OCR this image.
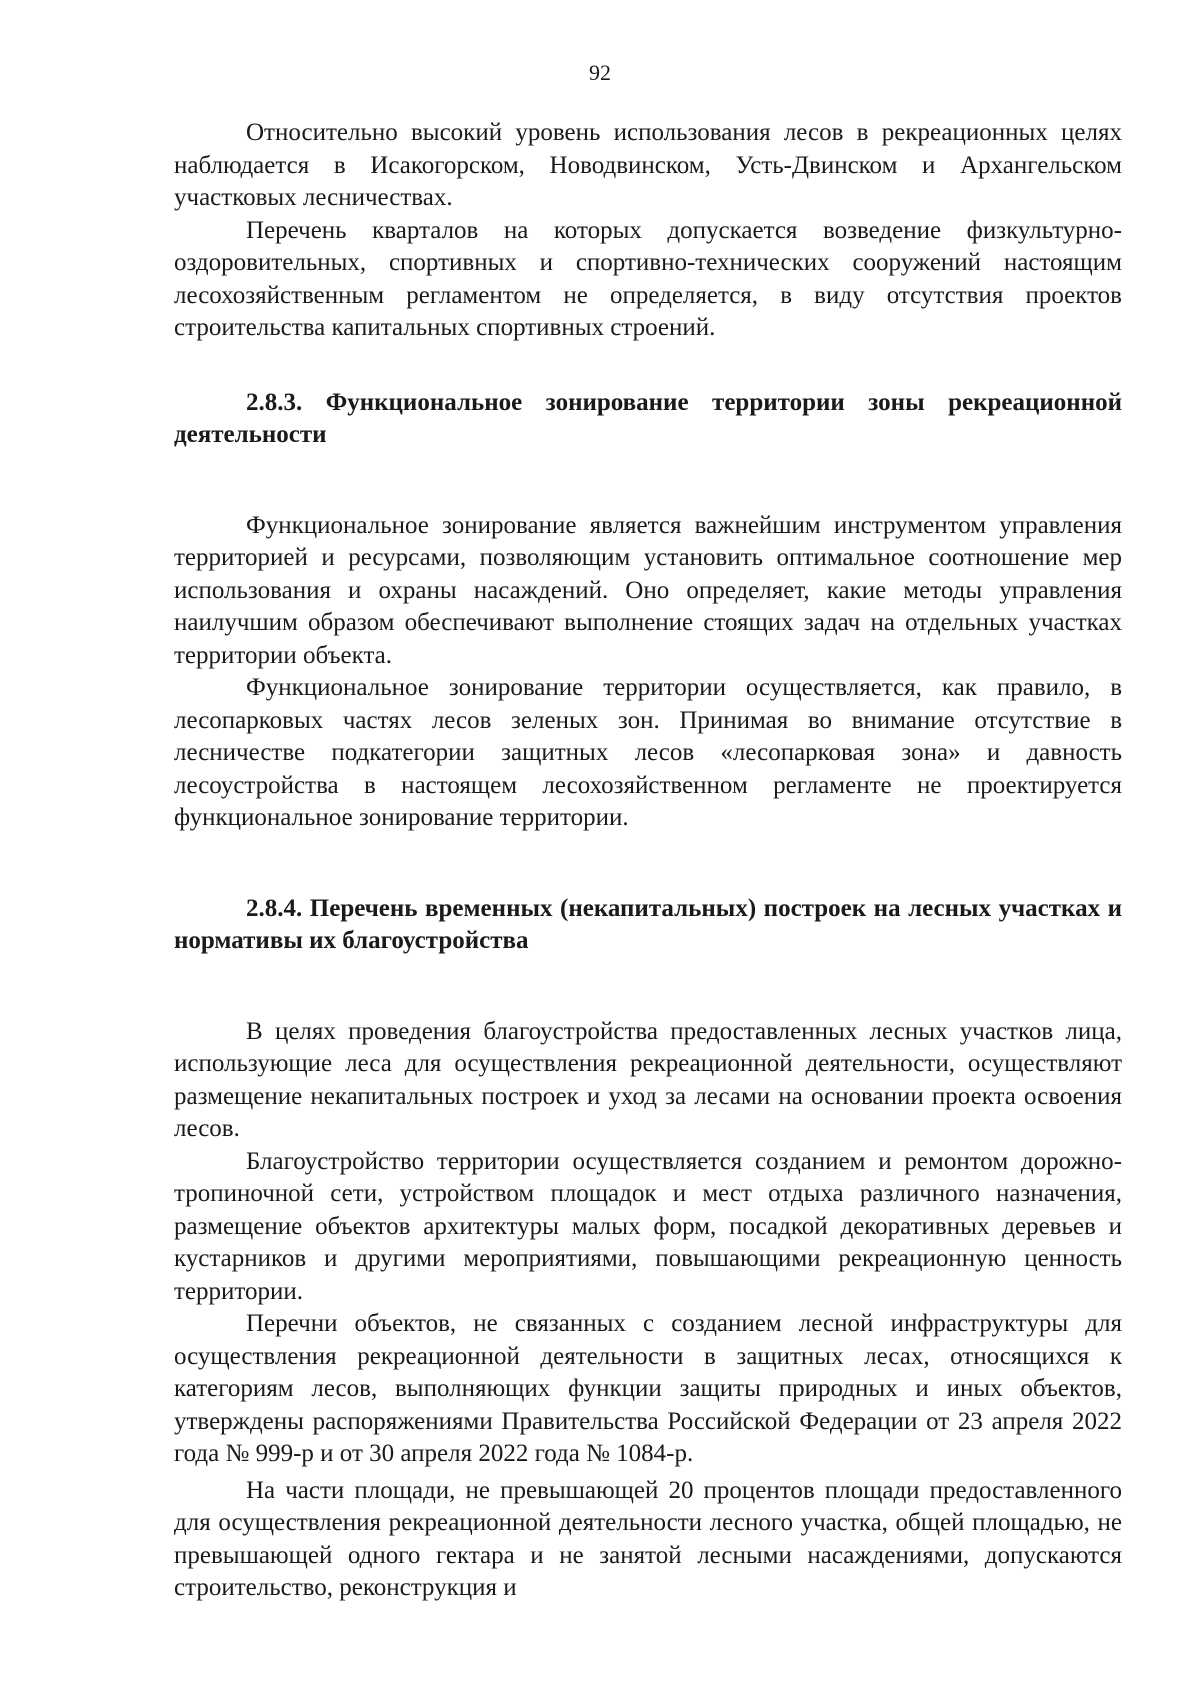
92

Относительно высокий уровень использования лесов в рекреационных целях наблюдается в Исакогорском, Новодвинском, Усть-Двинском и Архангельском участковых лесничествах.

Перечень кварталов на которых допускается возведение физкультурно-оздоровительных, спортивных и спортивно-технических сооружений настоящим лесохозяйственным регламентом не определяется, в виду отсутствия проектов строительства капитальных спортивных строений.

2.8.3. Функциональное зонирование территории зоны рекреационной деятельности

Функциональное зонирование является важнейшим инструментом управления территорией и ресурсами, позволяющим установить оптимальное соотношение мер использования и охраны насаждений. Оно определяет, какие методы управления наилучшим образом обеспечивают выполнение стоящих задач на отдельных участках территории объекта.

Функциональное зонирование территории осуществляется, как правило, в лесопарковых частях лесов зеленых зон. Принимая во внимание отсутствие в лесничестве подкатегории защитных лесов «лесопарковая зона» и давность лесоустройства в настоящем лесохозяйственном регламенте не проектируется функциональное зонирование территории.

2.8.4. Перечень временных (некапитальных) построек на лесных участках и нормативы их благоустройства

В целях проведения благоустройства предоставленных лесных участков лица, использующие леса для осуществления рекреационной деятельности, осуществляют размещение некапитальных построек и уход за лесами на основании проекта освоения лесов.

Благоустройство территории осуществляется созданием и ремонтом дорожно-тропиночной сети, устройством площадок и мест отдыха различного назначения, размещение объектов архитектуры малых форм, посадкой декоративных деревьев и кустарников и другими мероприятиями, повышающими рекреационную ценность территории.

Перечни объектов, не связанных с созданием лесной инфраструктуры для осуществления рекреационной деятельности в защитных лесах, относящихся к категориям лесов, выполняющих функции защиты природных и иных объектов, утверждены распоряжениями Правительства Российской Федерации от 23 апреля 2022 года № 999-р и от 30 апреля 2022 года № 1084-р.

На части площади, не превышающей 20 процентов площади предоставленного для осуществления рекреационной деятельности лесного участка, общей площадью, не превышающей одного гектара и не занятой лесными насаждениями, допускаются строительство, реконструкция и
